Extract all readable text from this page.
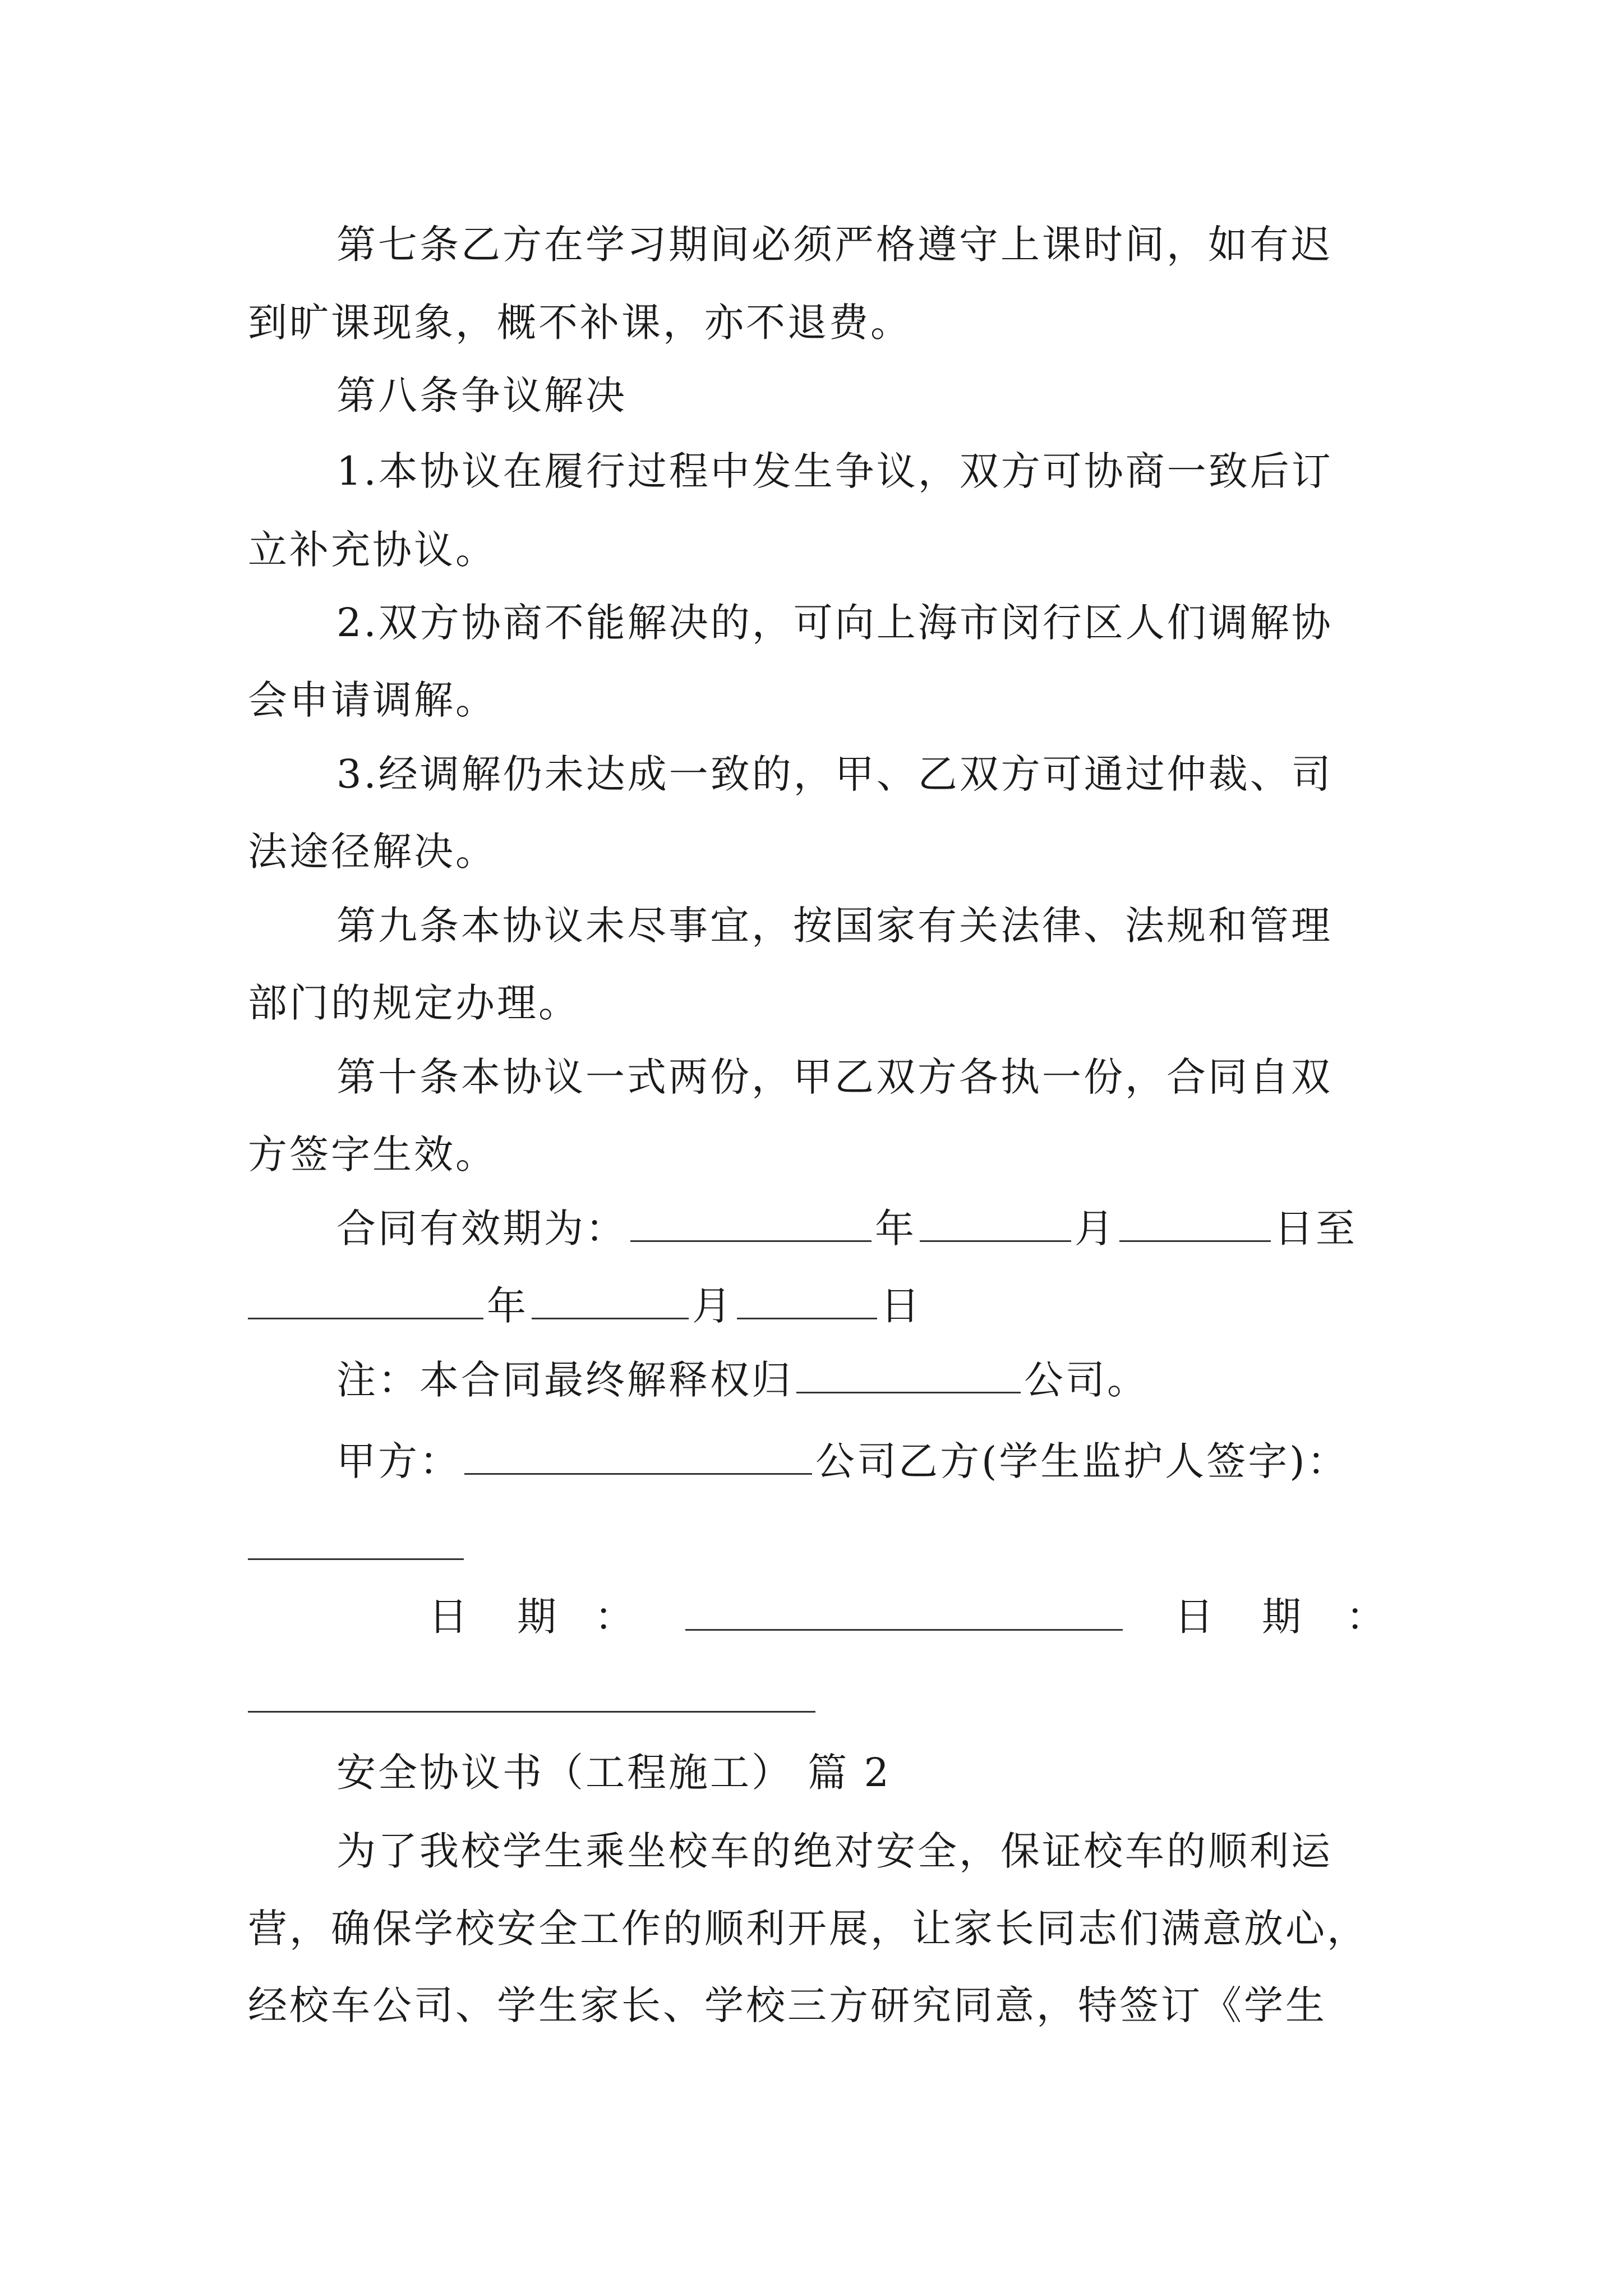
第七条乙方在学习期间必须严格遵守上课时间，如有迟
到旷课现象，概不补课，亦不退费。
第八条争议解决
1.本协议在履行过程中发生争议，双方可协商一致后订
立补充协议。
2.双方协商不能解决的，可向上海市闵行区人们调解协
会申请调解。
3.经调解仍未达成一致的，甲、乙双方可通过仲裁、司
法途径解决。
第九条本协议未尽事宜，按国家有关法律、法规和管理
部门的规定办理。
第十条本协议一式两份，甲乙双方各执一份，合同自双
方签字生效。
合同有效期为：	年	月	日至
年	月	日
注：本合同最终解释权归	公司。
甲方：	公司乙方(学生监护人签字)：
日 期 ：	日 期 ：
安全协议书（工程施工） 篇 2
为了我校学生乘坐校车的绝对安全，保证校车的顺利运
营，确保学校安全工作的顺利开展，让家长同志们满意放心，
经校车公司、学生家长、学校三方研究同意，特签订《学生
